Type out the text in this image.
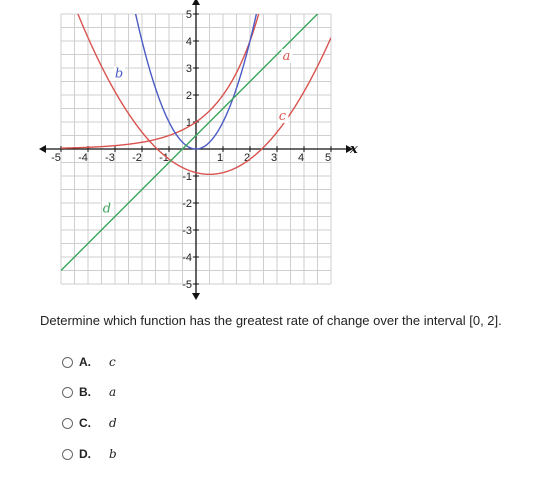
-5 -4 -3 -2 -1	1 2 3 4 5
5
4
3
2
1
-1
-2
-3
-4
-5
a
b
c
d
x

Determine which function has the greatest rate of change over the interval [0, 2].

A.	c
B.	a
C.	d
D.	b
